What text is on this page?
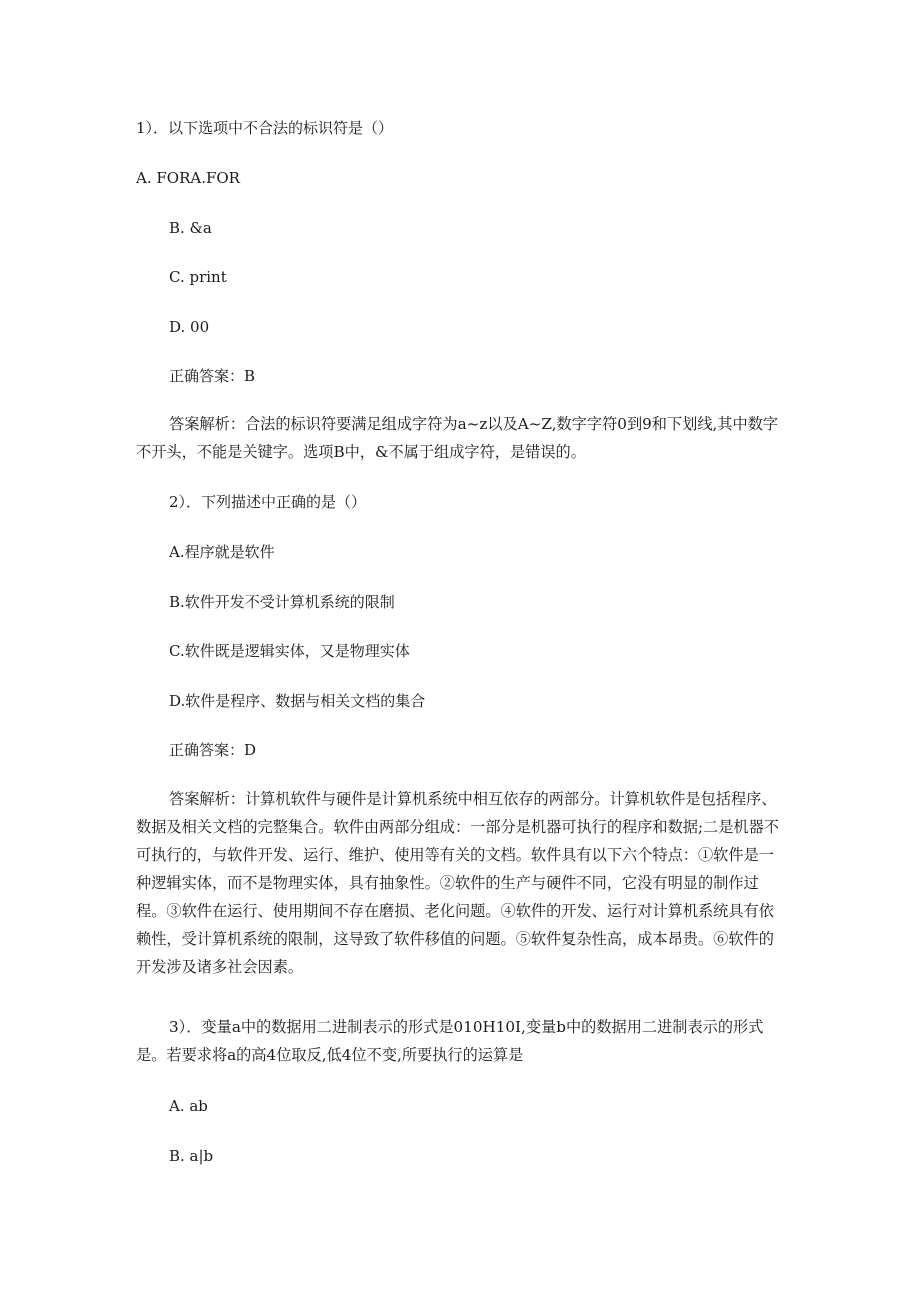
1）．以下选项中不合法的标识符是（）

A. FORA.FOR

B. &a

C. print

D. 00

正确答案：B

答案解析：合法的标识符要满足组成字符为a~z以及A~Z,数字字符0到9和下划线,其中数字不开头，不能是关键字。选项B中，&不属于组成字符，是错误的。

2）．下列描述中正确的是（）

A.程序就是软件

B.软件开发不受计算机系统的限制

C.软件既是逻辑实体，又是物理实体

D.软件是程序、数据与相关文档的集合

正确答案：D

答案解析：计算机软件与硬件是计算机系统中相互依存的两部分。计算机软件是包括程序、数据及相关文档的完整集合。软件由两部分组成：一部分是机器可执行的程序和数据;二是机器不可执行的，与软件开发、运行、维护、使用等有关的文档。软件具有以下六个特点：①软件是一种逻辑实体，而不是物理实体，具有抽象性。②软件的生产与硬件不同，它没有明显的制作过程。③软件在运行、使用期间不存在磨损、老化问题。④软件的开发、运行对计算机系统具有依赖性，受计算机系统的限制，这导致了软件移值的问题。⑤软件复杂性高，成本昂贵。⑥软件的开发涉及诸多社会因素。

3）．变量a中的数据用二进制表示的形式是010H10I,变量b中的数据用二进制表示的形式是。若要求将a的高4位取反,低4位不变,所要执行的运算是

A. ab

B. a|b
